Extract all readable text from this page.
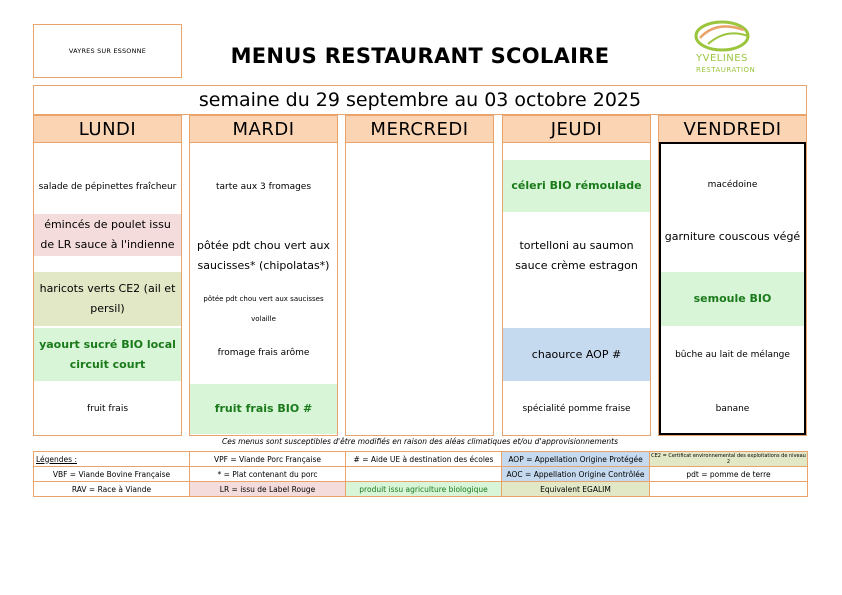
VAYRES SUR ESSONNE	MENUS RESTAURANT SCOLAIRE	YVELINES
RESTAURATION
semaine du 29 septembre au 03 octobre 2025
LUNDI
salade de pépinettes fraîcheur
émincés de poulet issu de LR sauce à l'indienne
haricots verts CE2 (ail et persil)
yaourt sucré BIO local circuit court
fruit frais
MARDI
tarte aux 3 fromages
pôtée pdt chou vert aux saucisses* (chipolatas*)
pôtée pdt chou vert aux saucisses volaille
fromage frais arôme
fruit frais BIO #
MERCREDI	JEUDI
céleri BIO rémoulade
tortelloni au saumon sauce crème estragon
chaource AOP #
spécialité pomme fraise
VENDREDI
macédoine
garniture couscous végé
semoule BIO
bûche au lait de mélange
banane
Ces menus sont susceptibles d'être modifiés en raison des aléas climatiques et/ou d'approvisionnements
Légendes :	VPF = Viande Porc Française	# = Aide UE à destination des écoles	AOP = Appellation Origine Protégée	CE2 = Certificat environnemental des exploitations de niveau 2
VBF = Viande Bovine Française	* = Plat contenant du porc		AOC = Appellation Origine Contrôlée	pdt = pomme de terre
RAV = Race à Viande	LR = issu de Label Rouge	produit issu agriculture biologique	Equivalent EGALIM	
